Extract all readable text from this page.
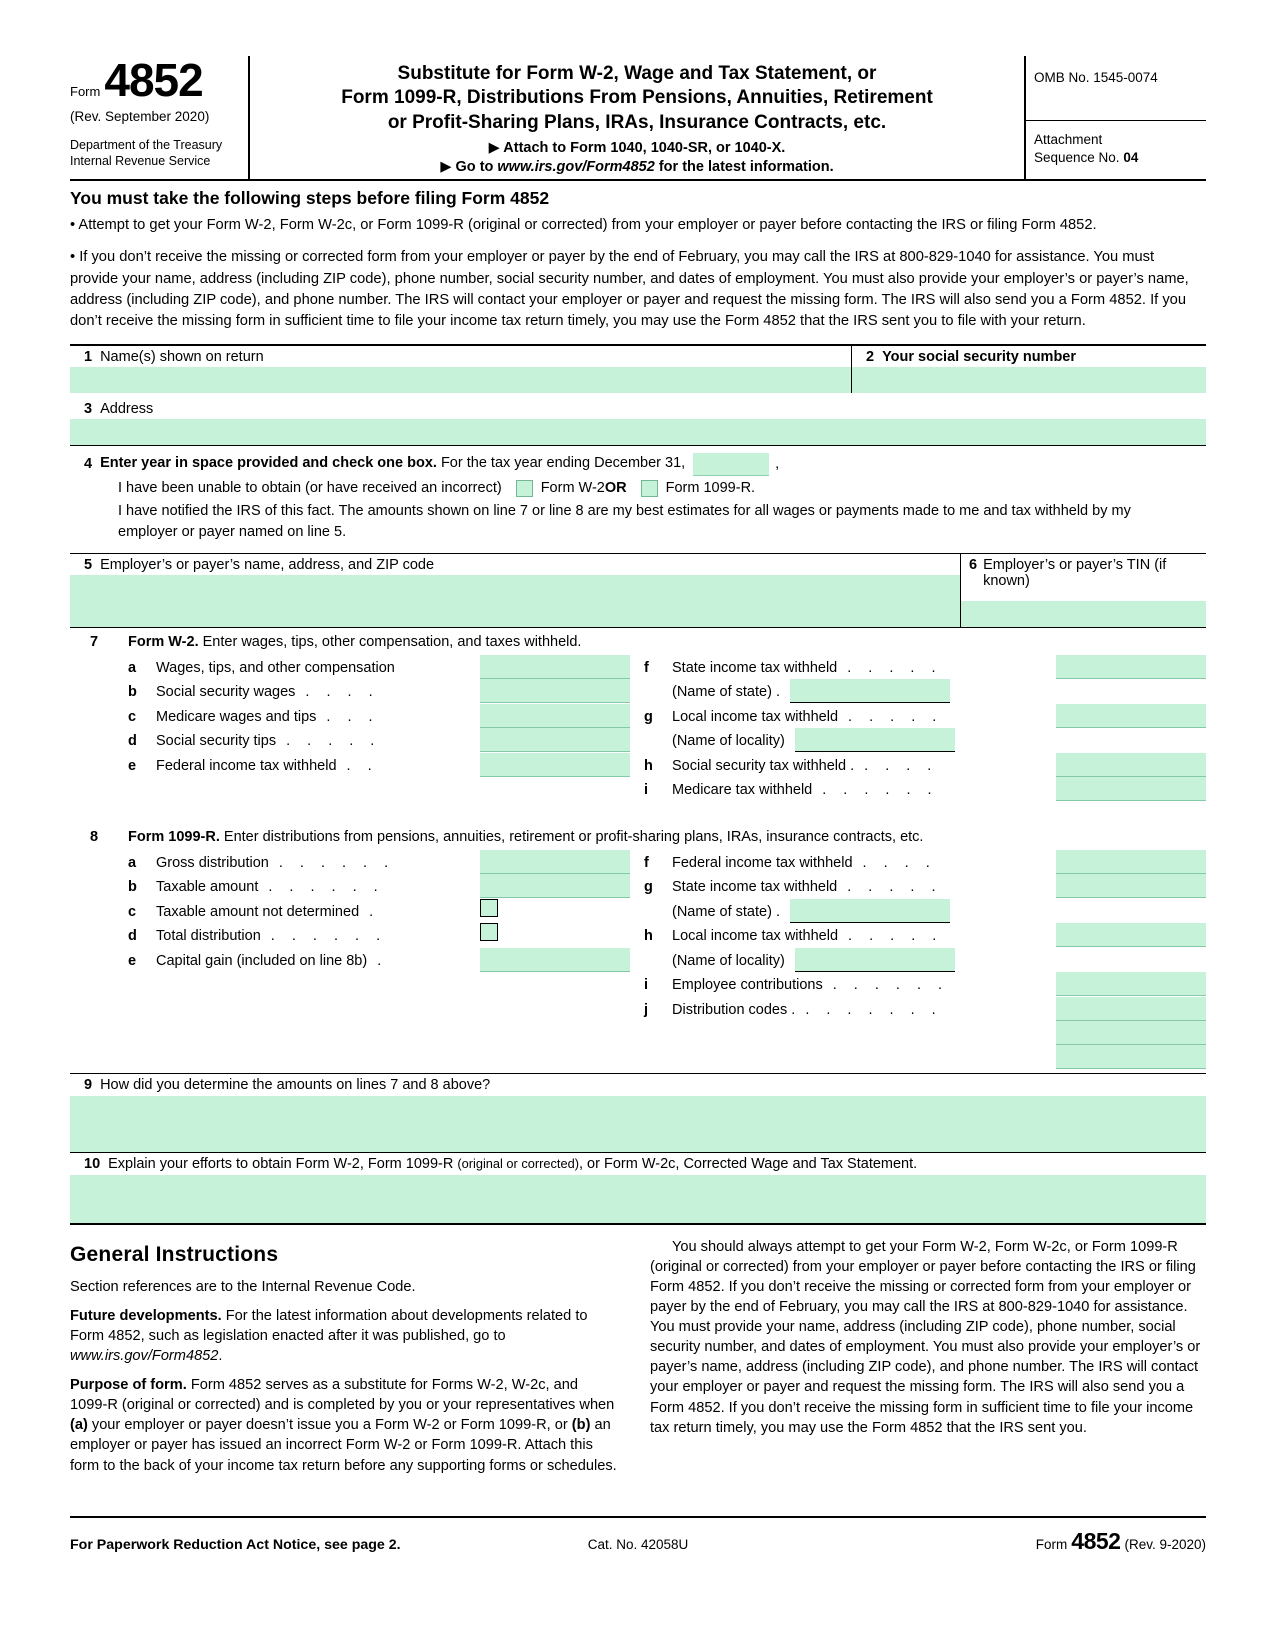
Form 4852
(Rev. September 2020)
Department of the Treasury
Internal Revenue Service
Substitute for Form W-2, Wage and Tax Statement, or
Form 1099-R, Distributions From Pensions, Annuities, Retirement
or Profit-Sharing Plans, IRAs, Insurance Contracts, etc.
▶ Attach to Form 1040, 1040-SR, or 1040-X.
▶ Go to www.irs.gov/Form4852 for the latest information.
OMB No. 1545-0074
Attachment
Sequence No. 04
You must take the following steps before filing Form 4852

• Attempt to get your Form W-2, Form W-2c, or Form 1099-R (original or corrected) from your employer or payer before contacting the IRS or filing Form 4852.

• If you don’t receive the missing or corrected form from your employer or payer by the end of February, you may call the IRS at 800-829-1040 for assistance. You must provide your name, address (including ZIP code), phone number, social security number, and dates of employment. You must also provide your employer’s or payer’s name, address (including ZIP code), and phone number. The IRS will contact your employer or payer and request the missing form. The IRS will also send you a Form 4852. If you don’t receive the missing form in sufficient time to file your income tax return timely, you may use the Form 4852 that the IRS sent you to file with your return.

1 Name(s) shown on return	2 Your social security number
3 Address
4 Enter year in space provided and check one box. For the tax year ending December 31,	,
I have been unable to obtain (or have received an incorrect)	Form W-2 OR	Form 1099-R.
I have notified the IRS of this fact. The amounts shown on line 7 or line 8 are my best estimates for all wages or payments made to me and tax withheld by my employer or payer named on line 5.
5 Employer’s or payer’s name, address, and ZIP code	6 Employer’s or payer’s TIN (if known)
7	Form W-2. Enter wages, tips, other compensation, and taxes withheld.
a	Wages, tips, and other compensation
b	Social security wages . . . .
c	Medicare wages and tips . . .
d	Social security tips . . . . .
e	Federal income tax withheld . .
f	State income tax withheld . . . . .
(Name of state) .
g	Local income tax withheld . . . . .
(Name of locality)
h	Social security tax withheld . . . . .
i	Medicare tax withheld . . . . . .
8	Form 1099-R. Enter distributions from pensions, annuities, retirement or profit-sharing plans, IRAs, insurance contracts, etc.
a	Gross distribution . . . . . .
b	Taxable amount . . . . . .
c	Taxable amount not determined .
d	Total distribution . . . . . .
e	Capital gain (included on line 8b) .
f	Federal income tax withheld . . . .
g	State income tax withheld . . . . .
(Name of state) .
h	Local income tax withheld . . . . .
(Name of locality)
i	Employee contributions . . . . . .
j	Distribution codes . . . . . . . .
9 How did you determine the amounts on lines 7 and 8 above?
10 Explain your efforts to obtain Form W-2, Form 1099-R (original or corrected), or Form W-2c, Corrected Wage and Tax Statement.
General Instructions

Section references are to the Internal Revenue Code.

Future developments. For the latest information about developments related to Form 4852, such as legislation enacted after it was published, go to www.irs.gov/Form4852.

Purpose of form. Form 4852 serves as a substitute for Forms W-2, W-2c, and 1099-R (original or corrected) and is completed by you or your representatives when (a) your employer or payer doesn’t issue you a Form W-2 or Form 1099-R, or (b) an employer or payer has issued an incorrect Form W-2 or Form 1099-R. Attach this form to the back of your income tax return before any supporting forms or schedules.

You should always attempt to get your Form W-2, Form W-2c, or Form 1099-R (original or corrected) from your employer or payer before contacting the IRS or filing Form 4852. If you don’t receive the missing or corrected form from your employer or payer by the end of February, you may call the IRS at 800-829-1040 for assistance. You must provide your name, address (including ZIP code), phone number, social security number, and dates of employment. You must also provide your employer’s or payer’s name, address (including ZIP code), and phone number. The IRS will contact your employer or payer and request the missing form. The IRS will also send you a Form 4852. If you don’t receive the missing form in sufficient time to file your income tax return timely, you may use the Form 4852 that the IRS sent you.

For Paperwork Reduction Act Notice, see page 2.	Cat. No. 42058U	Form 4852 (Rev. 9-2020)
